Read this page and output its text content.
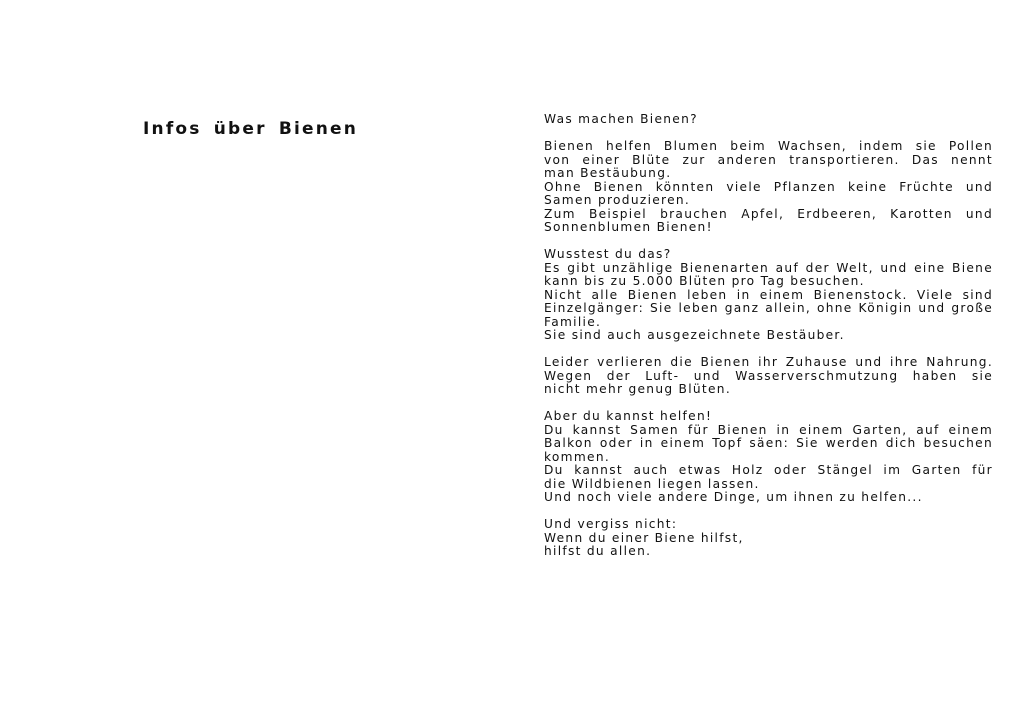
Infos über Bienen	Was machen Bienen?

Bienen helfen Blumen beim Wachsen, indem sie Pollen
von einer Blüte zur anderen transportieren. Das nennt
man Bestäubung.
Ohne Bienen könnten viele Pflanzen keine Früchte und
Samen produzieren.
Zum Beispiel brauchen Äpfel, Erdbeeren, Karotten und
Sonnenblumen Bienen!
Wusstest du das?
Es gibt unzählige Bienenarten auf der Welt, und eine Biene
kann bis zu 5.000 Blüten pro Tag besuchen.
Nicht alle Bienen leben in einem Bienenstock. Viele sind
Einzelgänger: Sie leben ganz allein, ohne Königin und große
Familie.
Sie sind auch ausgezeichnete Bestäuber.
Leider verlieren die Bienen ihr Zuhause und ihre Nahrung.
Wegen der Luft- und Wasserverschmutzung haben sie
nicht mehr genug Blüten.
Aber du kannst helfen!
Du kannst Samen für Bienen in einem Garten, auf einem
Balkon oder in einem Topf säen: Sie werden dich besuchen
kommen.
Du kannst auch etwas Holz oder Stängel im Garten für
die Wildbienen liegen lassen.
Und noch viele andere Dinge, um ihnen zu helfen...
Und vergiss nicht:
Wenn du einer Biene hilfst,
hilfst du allen.
